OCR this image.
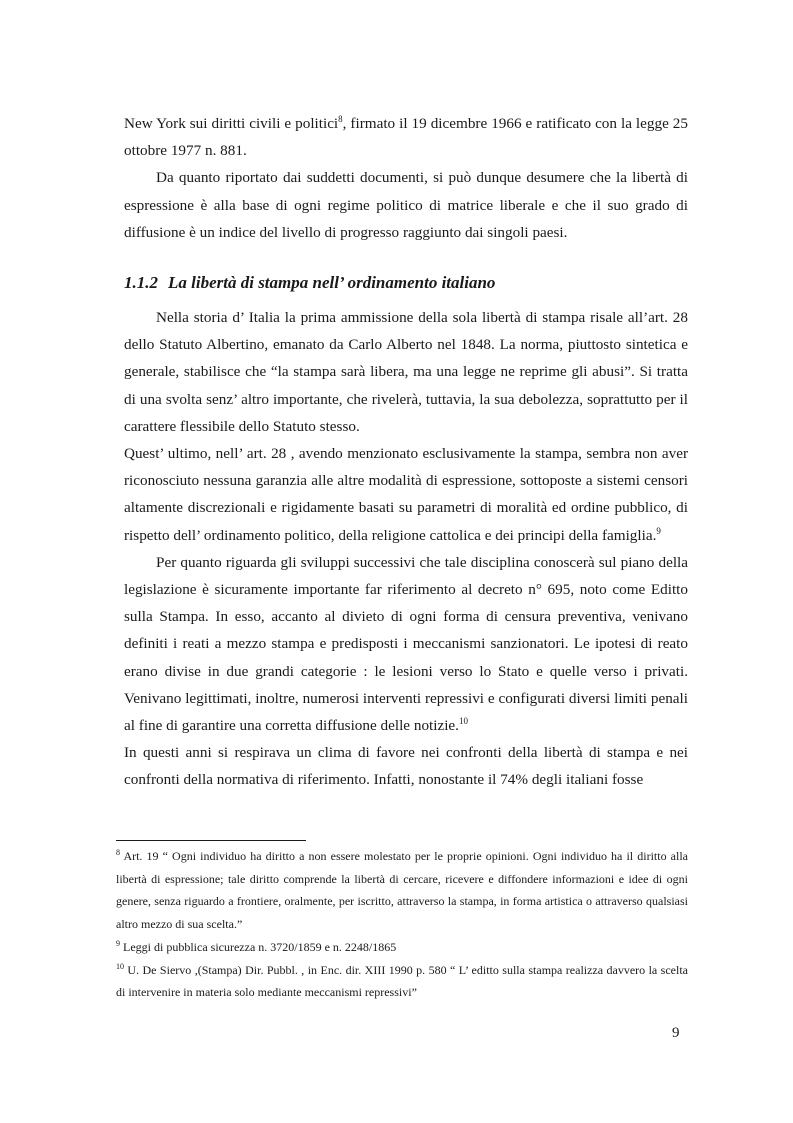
New York sui diritti civili e politici$^8$, firmato il 19 dicembre 1966 e ratificato con la legge 25 ottobre 1977 n. 881.

Da quanto riportato dai suddetti documenti, si può dunque desumere che la libertà di espressione è alla base di ogni regime politico di matrice liberale e che il suo grado di diffusione è un indice del livello di progresso raggiunto dai singoli paesi.

1.1.2 La libertà di stampa nell’ ordinamento italiano

Nella storia d’ Italia la prima ammissione della sola libertà di stampa risale all’art. 28 dello Statuto Albertino, emanato da Carlo Alberto nel 1848. La norma, piuttosto sintetica e generale, stabilisce che “la stampa sarà libera, ma una legge ne reprime gli abusi”. Si tratta di una svolta senz’ altro importante, che rivelerà, tuttavia, la sua debolezza, soprattutto per il carattere flessibile dello Statuto stesso.

Quest’ ultimo, nell’ art. 28 , avendo menzionato esclusivamente la stampa, sembra non aver riconosciuto nessuna garanzia alle altre modalità di espressione, sottoposte a sistemi censori altamente discrezionali e rigidamente basati su parametri di moralità ed ordine pubblico, di rispetto dell’ ordinamento politico, della religione cattolica e dei principi della famiglia.$^9$

Per quanto riguarda gli sviluppi successivi che tale disciplina conoscerà sul piano della legislazione è sicuramente importante far riferimento al decreto n° 695, noto come Editto sulla Stampa. In esso, accanto al divieto di ogni forma di censura preventiva, venivano definiti i reati a mezzo stampa e predisposti i meccanismi sanzionatori. Le ipotesi di reato erano divise in due grandi categorie : le lesioni verso lo Stato e quelle verso i privati. Venivano legittimati, inoltre, numerosi interventi repressivi e configurati diversi limiti penali al fine di garantire una corretta diffusione delle notizie.$^{10}$

In questi anni si respirava un clima di favore nei confronti della libertà di stampa e nei confronti della normativa di riferimento. Infatti, nonostante il 74% degli italiani fosse

$^8$ Art. 19 “ Ogni individuo ha diritto a non essere molestato per le proprie opinioni. Ogni individuo ha il diritto alla libertà di espressione; tale diritto comprende la libertà di cercare, ricevere e diffondere informazioni e idee di ogni genere, senza riguardo a frontiere, oralmente, per iscritto, attraverso la stampa, in forma artistica o attraverso qualsiasi altro mezzo di sua scelta.”

$^9$ Leggi di pubblica sicurezza n. 3720/1859 e n. 2248/1865

$^{10}$ U. De Siervo ,(Stampa) Dir. Pubbl. , in Enc. dir. XIII 1990 p. 580 “ L’ editto sulla stampa realizza davvero la scelta di intervenire in materia solo mediante meccanismi repressivi”

9
